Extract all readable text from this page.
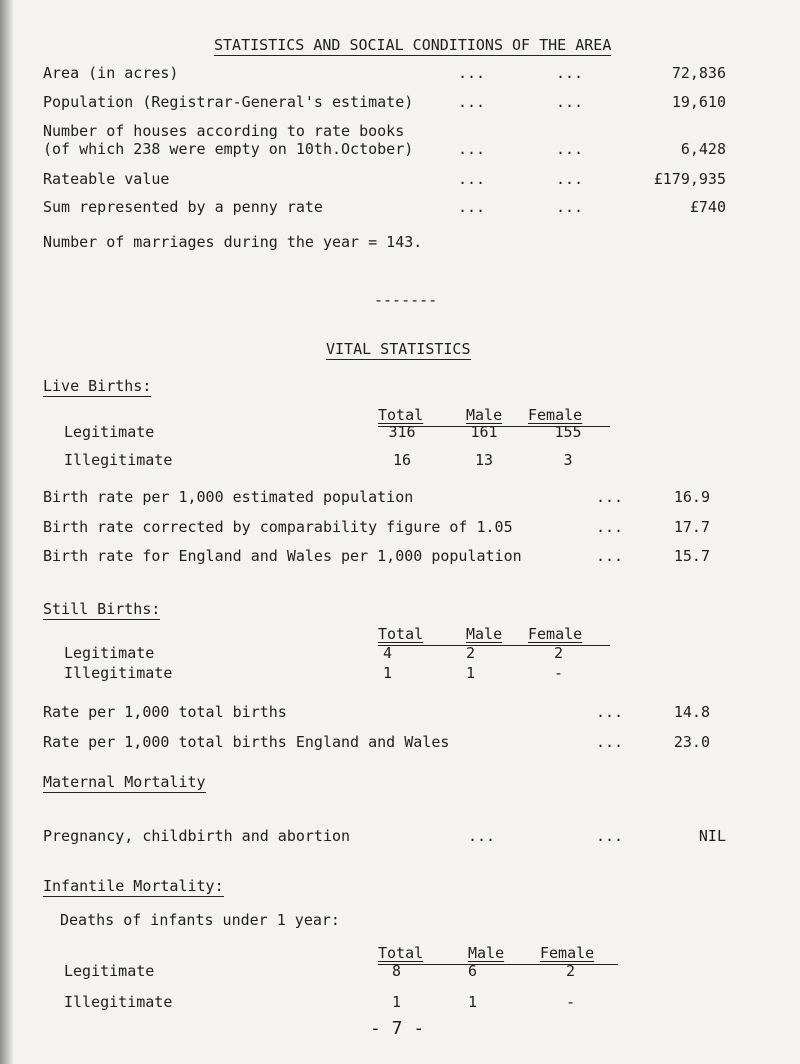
STATISTICS AND SOCIAL CONDITIONS OF THE AREA
Area (in acres)	...	...	72,836
Population (Registrar-General's estimate)	...	...	19,610
Number of houses according to rate books
(of which 238 were empty on 10th.October)	...	...	6,428
Rateable value	...	...	£179,935
Sum represented by a penny rate	...	...	£740
Number of marriages during the year = 143.
-------
VITAL STATISTICS
Live Births:
Total	Male Female
Legitimate	316	161	155
Illegitimate	16	13	3
Birth rate per 1,000 estimated population	...	16.9
Birth rate corrected by comparability figure of 1.05	...	17.7
Birth rate for England and Wales per 1,000 population	...	15.7
Still Births:
Total	Male Female
Legitimate	4	2	2
Illegitimate	1	1	-
Rate per 1,000 total births	...	14.8
Rate per 1,000 total births England and Wales	...	23.0
Maternal Mortality
Pregnancy, childbirth and abortion	...	...	NIL
Infantile Mortality:
Deaths of infants under 1 year:
Total	Male Female
Legitimate	8	6	2
Illegitimate	1	1	-
- 7 -
